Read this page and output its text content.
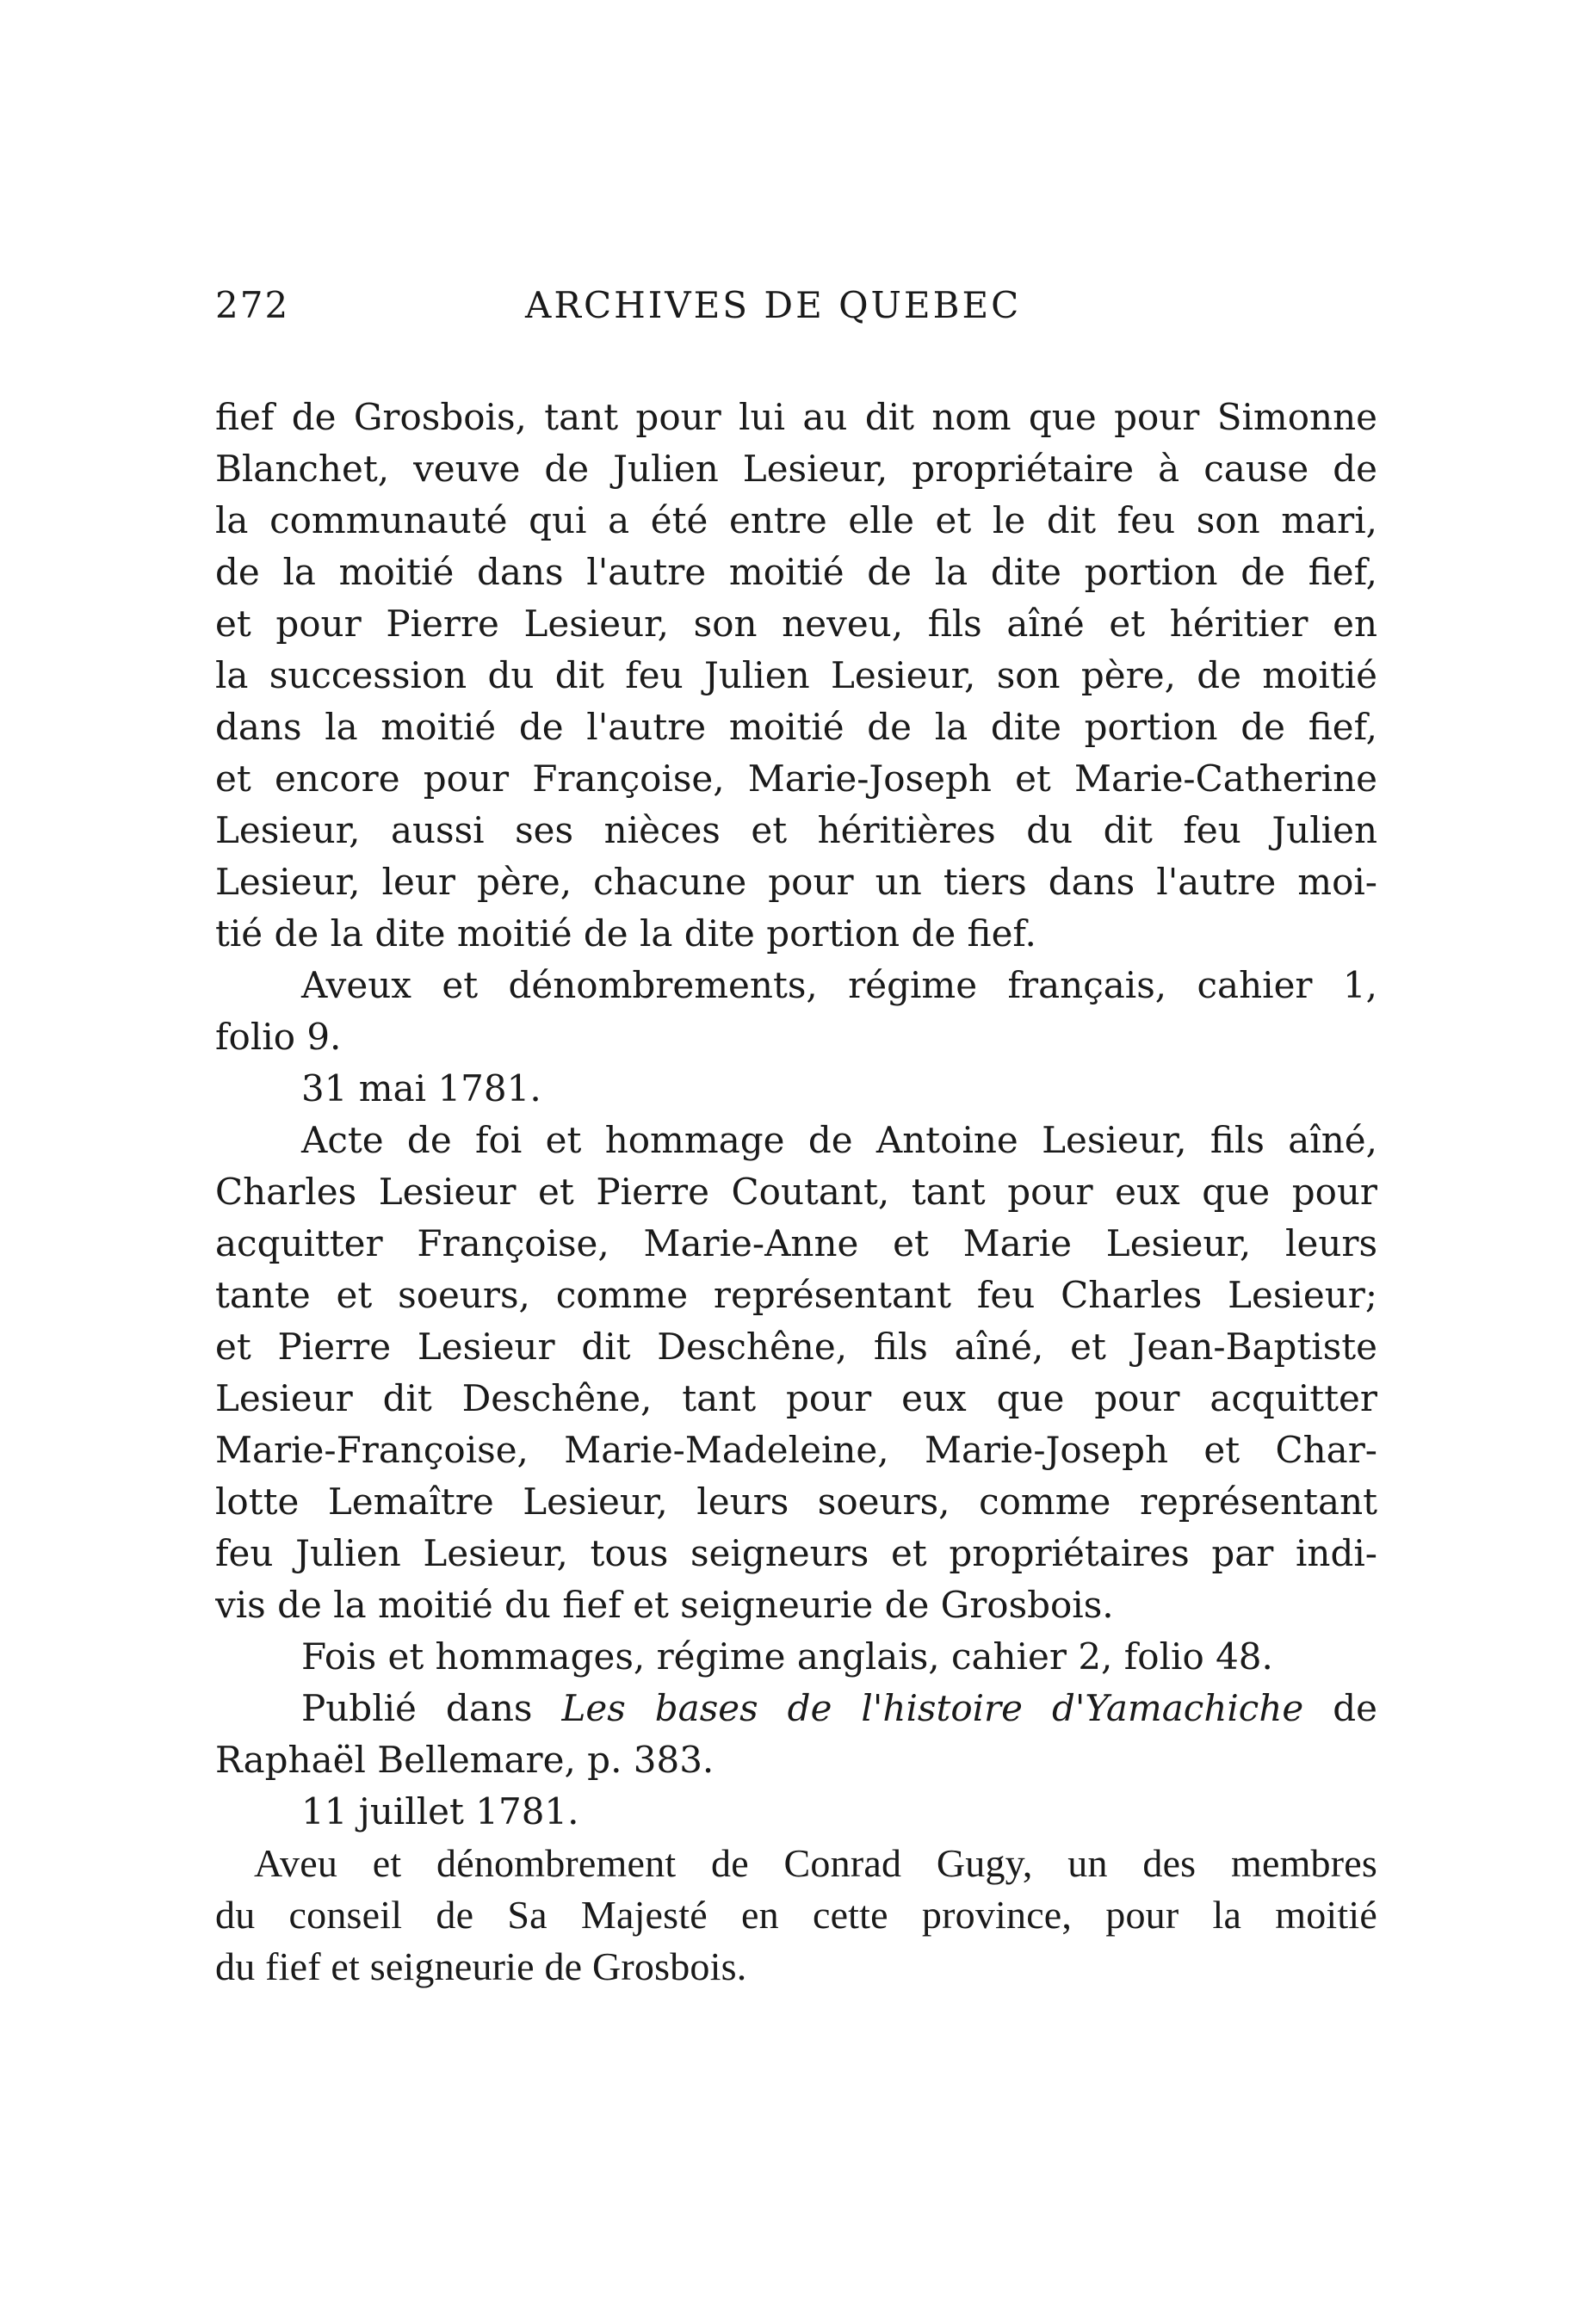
272	ARCHIVES DE QUEBEC
fief de Grosbois, tant pour lui au dit nom que pour Simonne
Blanchet, veuve de Julien Lesieur, propriétaire à cause de
la communauté qui a été entre elle et le dit feu son mari,
de la moitié dans l'autre moitié de la dite portion de fief,
et pour Pierre Lesieur, son neveu, fils aîné et héritier en
la succession du dit feu Julien Lesieur, son père, de moitié
dans la moitié de l'autre moitié de la dite portion de fief,
et encore pour Françoise, Marie-Joseph et Marie-Catherine
Lesieur, aussi ses nièces et héritières du dit feu Julien
Lesieur, leur père, chacune pour un tiers dans l'autre moi-
tié de la dite moitié de la dite portion de fief.
Aveux et dénombrements, régime français, cahier 1,
folio 9.
31 mai 1781.
Acte de foi et hommage de Antoine Lesieur, fils aîné,
Charles Lesieur et Pierre Coutant, tant pour eux que pour
acquitter Françoise, Marie-Anne et Marie Lesieur, leurs
tante et soeurs, comme représentant feu Charles Lesieur;
et Pierre Lesieur dit Deschêne, fils aîné, et Jean-Baptiste
Lesieur dit Deschêne, tant pour eux que pour acquitter
Marie-Françoise, Marie-Madeleine, Marie-Joseph et Char-
lotte Lemaître Lesieur, leurs soeurs, comme représentant
feu Julien Lesieur, tous seigneurs et propriétaires par indi-
vis de la moitié du fief et seigneurie de Grosbois.
Fois et hommages, régime anglais, cahier 2, folio 48.
Publié dans Les bases de l'histoire d'Yamachiche de
Raphaël Bellemare, p. 383.
11 juillet 1781.
Aveu et dénombrement de Conrad Gugy, un des membres
du conseil de Sa Majesté en cette province, pour la moitié
du fief et seigneurie de Grosbois.
